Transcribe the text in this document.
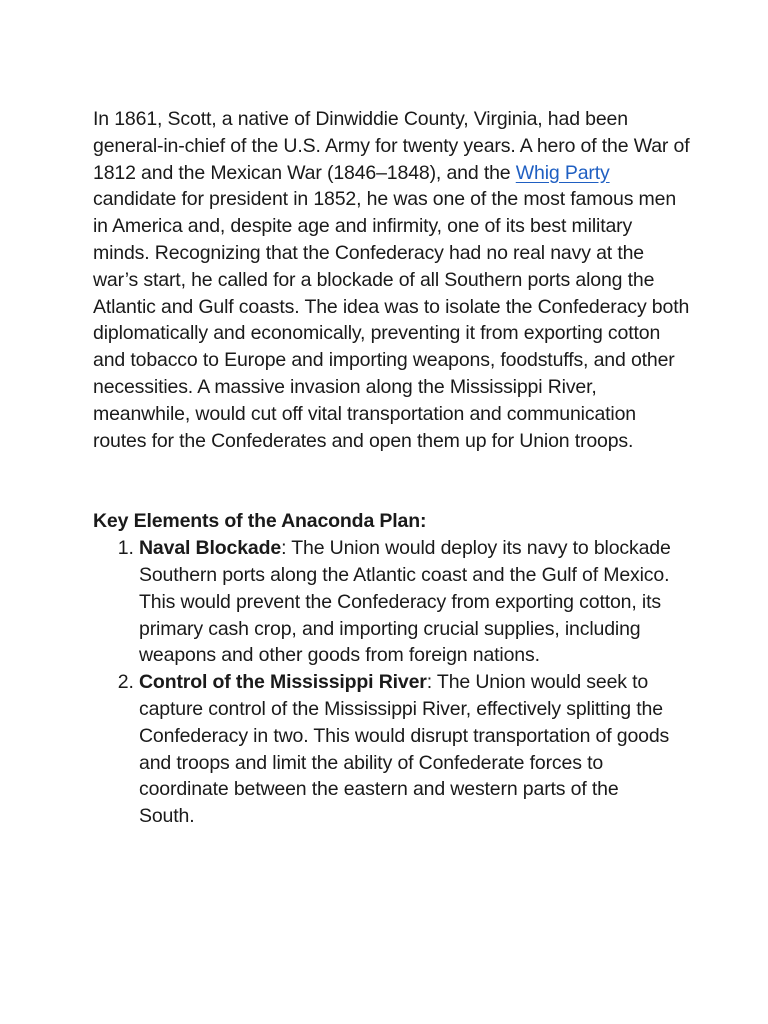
In 1861, Scott, a native of Dinwiddie County, Virginia, had been general-in-chief of the U.S. Army for twenty years. A hero of the War of 1812 and the Mexican War (1846–1848), and the Whig Party candidate for president in 1852, he was one of the most famous men in America and, despite age and infirmity, one of its best military minds. Recognizing that the Confederacy had no real navy at the war’s start, he called for a blockade of all Southern ports along the Atlantic and Gulf coasts. The idea was to isolate the Confederacy both diplomatically and economically, preventing it from exporting cotton and tobacco to Europe and importing weapons, foodstuffs, and other necessities. A massive invasion along the Mississippi River, meanwhile, would cut off vital transportation and communication routes for the Confederates and open them up for Union troops.

Key Elements of the Anaconda Plan:

1. Naval Blockade: The Union would deploy its navy to blockade Southern ports along the Atlantic coast and the Gulf of Mexico. This would prevent the Confederacy from exporting cotton, its primary cash crop, and importing crucial supplies, including weapons and other goods from foreign nations.
2. Control of the Mississippi River: The Union would seek to capture control of the Mississippi River, effectively splitting the Confederacy in two. This would disrupt transportation of goods and troops and limit the ability of Confederate forces to coordinate between the eastern and western parts of the South.
